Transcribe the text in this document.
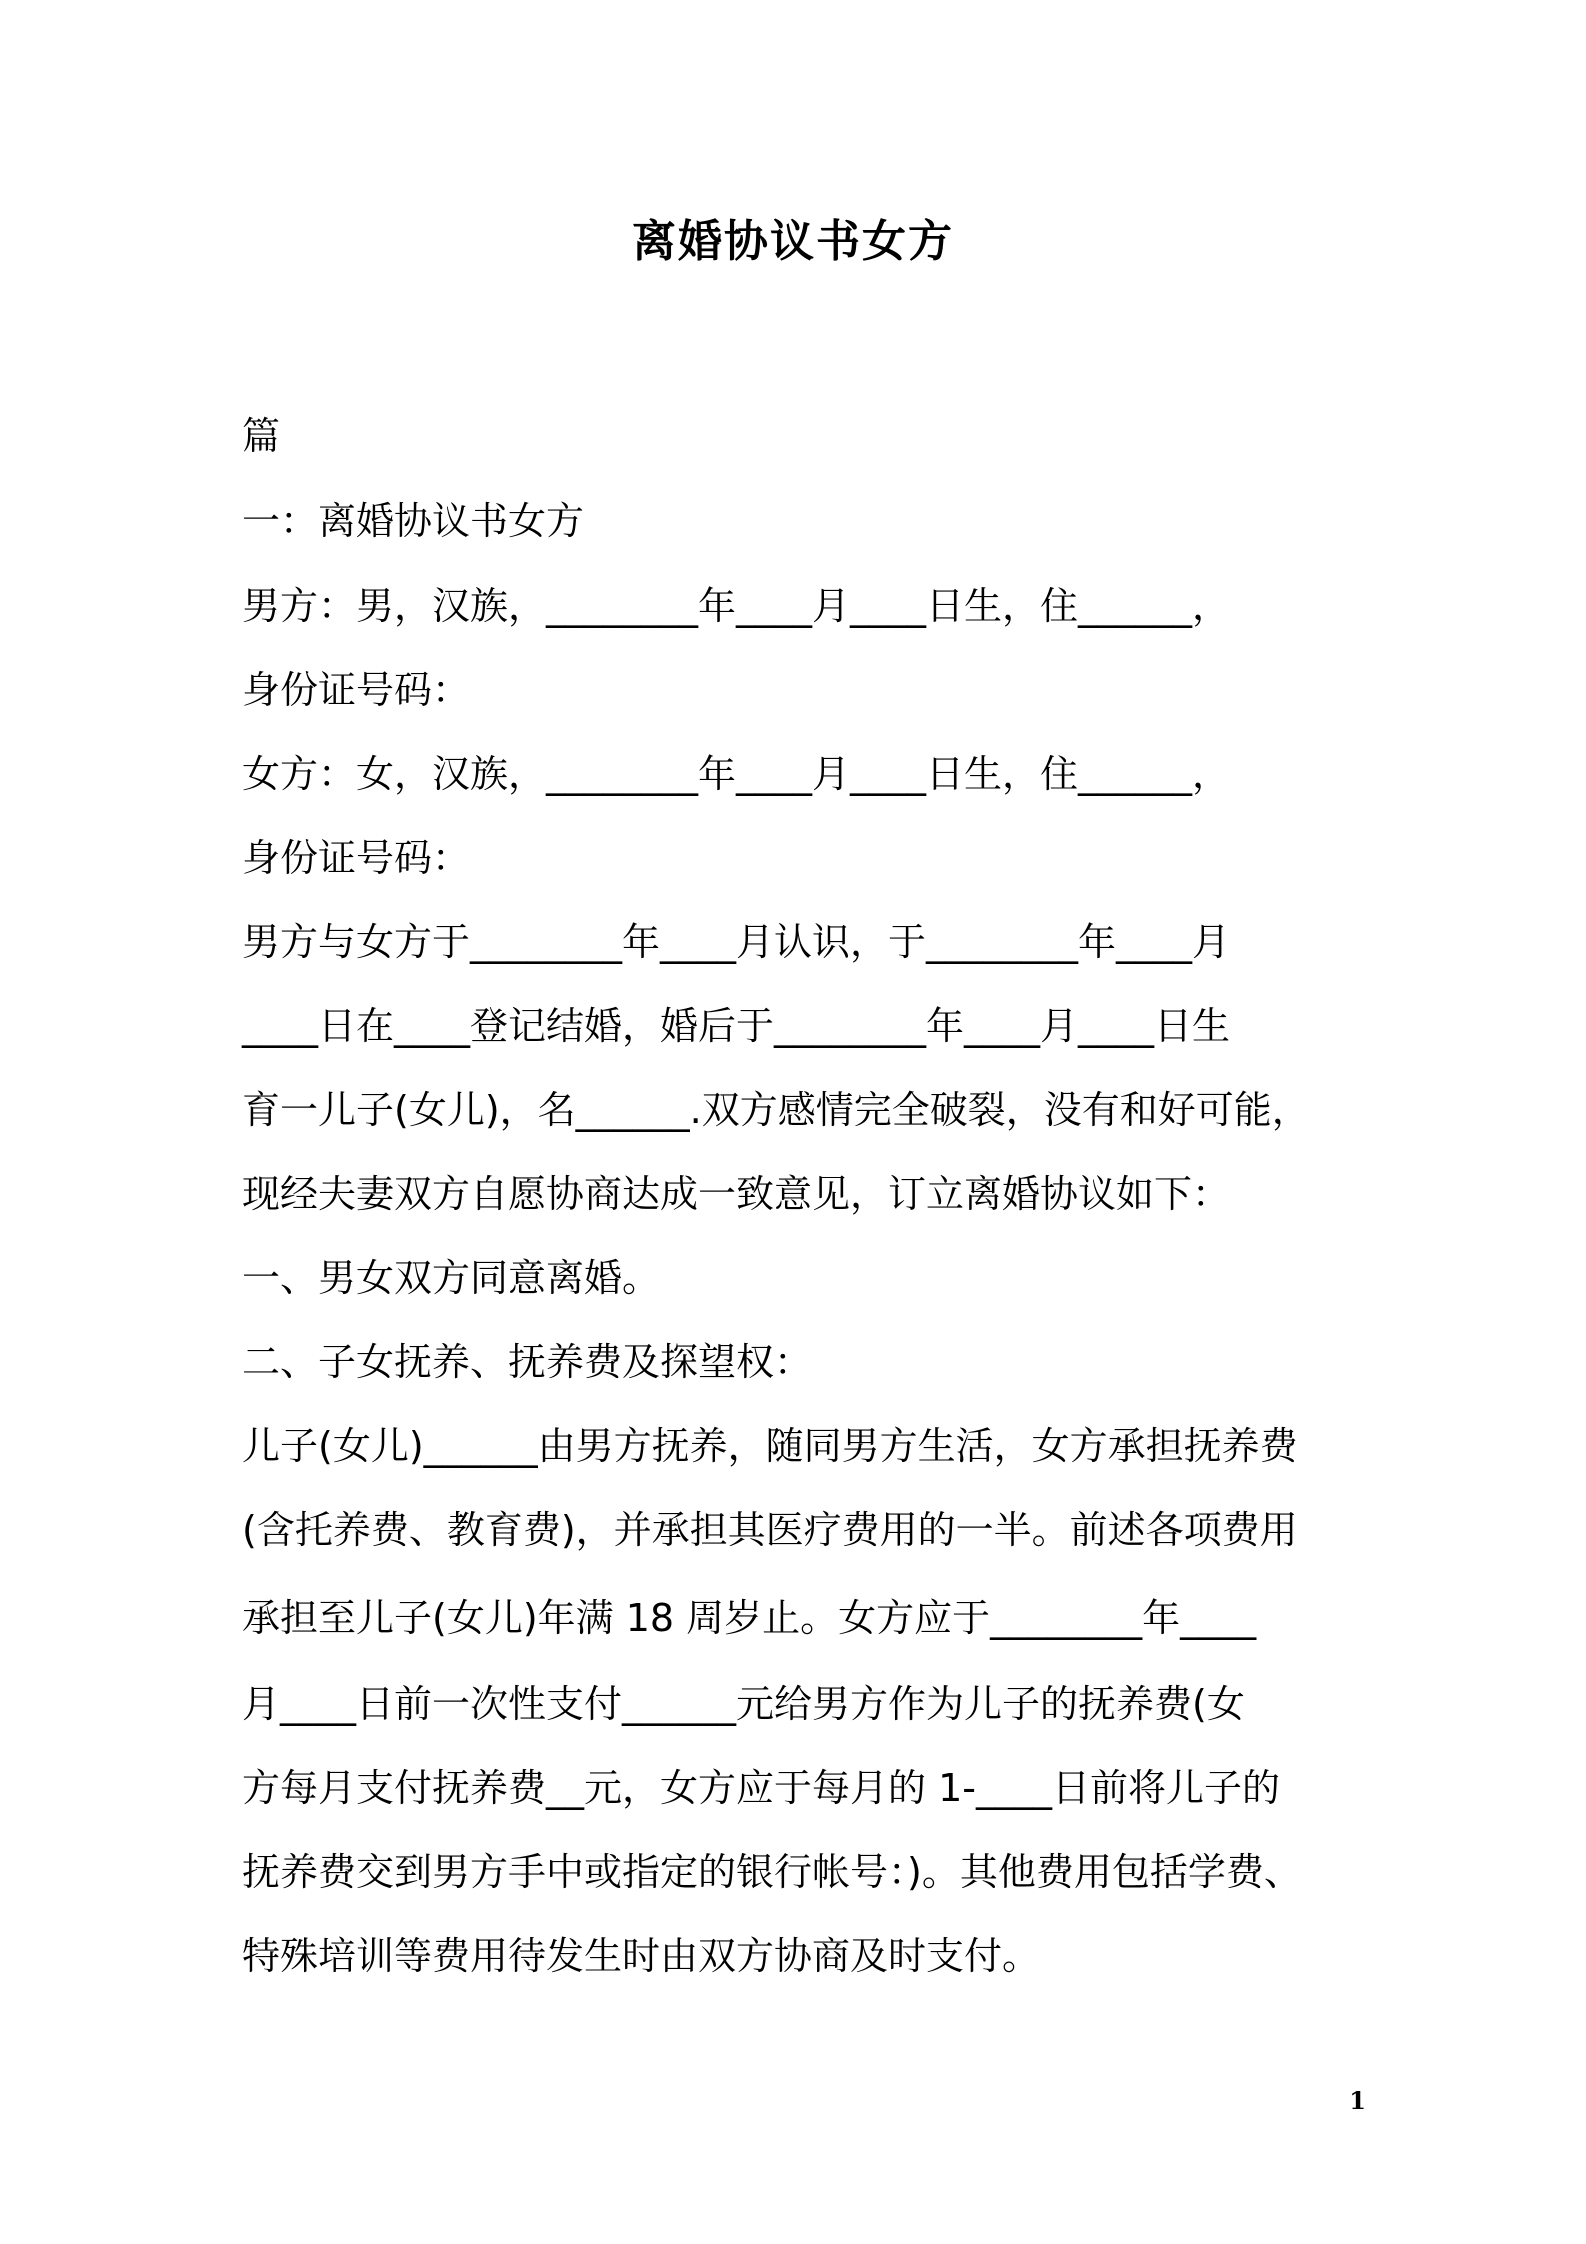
离婚协议书女方
篇
一：离婚协议书女方
男方：男，汉族，________年____月____日生，住______，
身份证号码：
女方：女，汉族，________年____月____日生，住______，
身份证号码：
男方与女方于________年____月认识，于________年____月
____日在____登记结婚，婚后于________年____月____日生
育一儿子(女儿)，名______.双方感情完全破裂，没有和好可能，
现经夫妻双方自愿协商达成一致意见，订立离婚协议如下：
一、男女双方同意离婚。
二、子女抚养、抚养费及探望权：
儿子(女儿)______由男方抚养，随同男方生活，女方承担抚养费
(含托养费、教育费)，并承担其医疗费用的一半。前述各项费用
承担至儿子(女儿)年满 18 周岁止。女方应于________年____
月____日前一次性支付______元给男方作为儿子的抚养费(女
方每月支付抚养费__元，女方应于每月的 1-____日前将儿子的
抚养费交到男方手中或指定的银行帐号：)。其他费用包括学费、
特殊培训等费用待发生时由双方协商及时支付。
1
